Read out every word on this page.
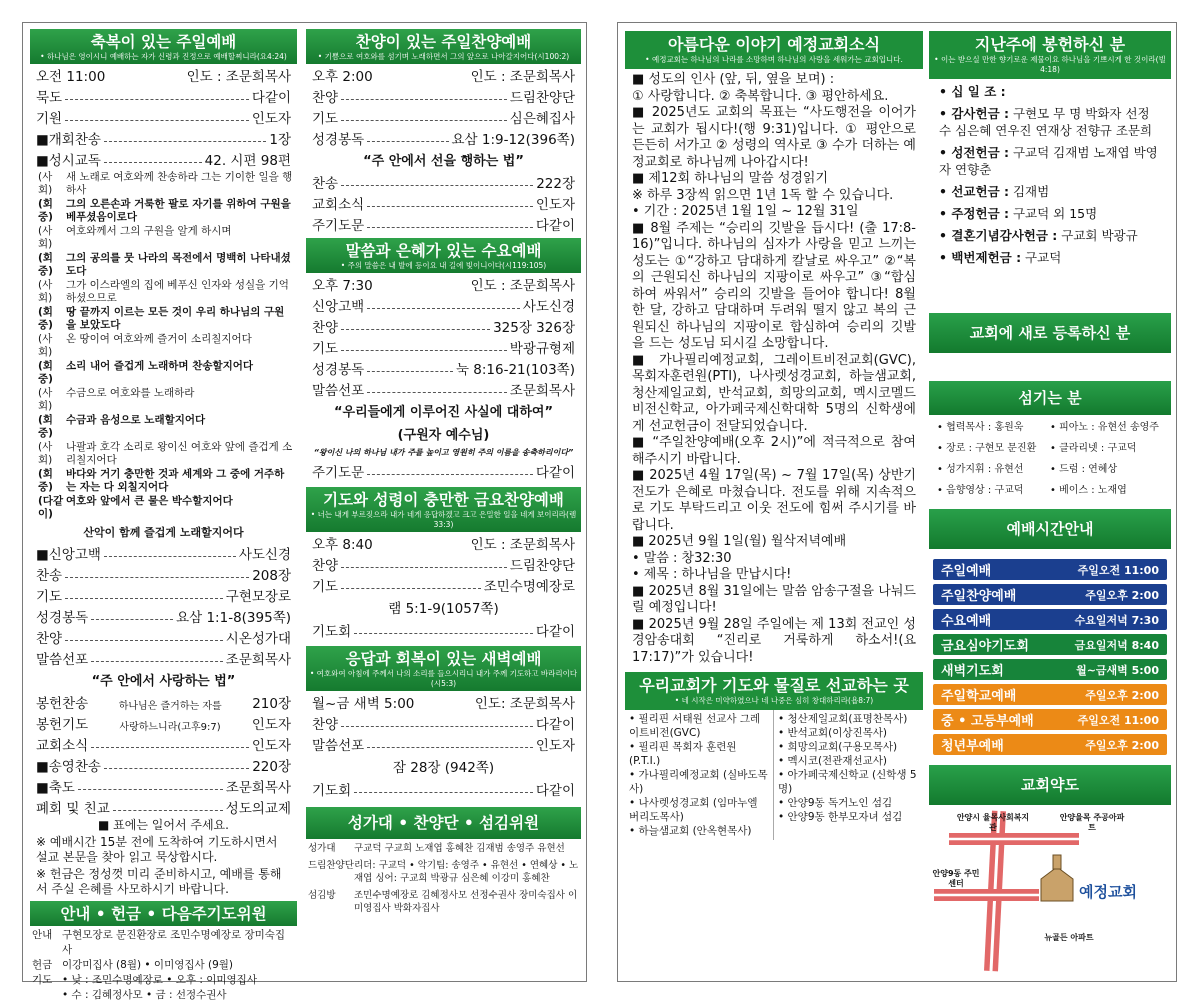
축복이 있는 주일예배
• 하나님은 영이시니 예배하는 자가 신령과 진정으로 예배할찌니라(요4:24)
오전 11:00	인도 : 조문희목사
묵도	다같이
기원	인도자
■개회찬송	1장
■성시교독	42. 시편 98편
(사회)
새 노래로 여호와께 찬송하라 그는 기이한 일을 행하사
(회중)
그의 오른손과 거룩한 팔로 자기를 위하여 구원을 베푸셨음이로다
(사회)
여호와께서 그의 구원을 알게 하시며
(회중)
그의 공의를 뭇 나라의 목전에서 명백히 나타내셨도다
(사회)
그가 이스라엘의 집에 베푸신 인자와 성실을 기억하셨으므로
(회중)
땅 끝까지 이르는 모든 것이 우리 하나님의 구원을 보았도다
(사회)
온 땅이여 여호와께 즐거이 소리칠지어다
(회중)
소리 내어 즐겁게 노래하며 찬송할지어다
(사회)
수금으로 여호와를 노래하라
(회중)
수금과 음성으로 노래할지어다
(사회)
나팔과 호각 소리로 왕이신 여호와 앞에 즐겁게 소리칠지어다
(회중)
바다와 거기 충만한 것과 세계와 그 중에 거주하는 자는 다 외칠지어다
(다같이)
여호와 앞에서 큰 물은 박수할지어다
산악이 함께 즐겁게 노래할지어다
■신앙고백	사도신경
찬송	208장
기도	구현모장로
성경봉독	요삼 1:1-8(395쪽)
찬양	시온성가대
말씀선포	조문희목사
“주 안에서 사랑하는 법”
봉헌찬송	하나님은 즐거하는 자를	210장
봉헌기도	사랑하느니라(고후9:7)	인도자
교회소식	인도자
■송영찬송	220장
■축도	조문희목사
폐회 및 친교	성도의교제
■ 표에는 일어서 주세요.
※ 예배시간 15분 전에 도착하여 기도하시면서 설교 본문을 찾아 읽고 묵상합시다.
※ 헌금은 정성껏 미리 준비하시고, 예배를 통해서 주실 은혜를 사모하시기 바랍니다.
안내 • 헌금 • 다음주기도위원
안내 구현모장로 문진환장로 조민수명예장로 장미숙집사
헌금 이강미집사 (8월) • 이미영집사 (9월)
기도 • 낮 : 조민수명예장로 • 오후 : 이미영집사
• 수 : 김혜정사모 • 금 : 선정수권사
찬양이 있는 주일찬양예배
• 기쁨으로 여호와를 섬기며 노래하면서 그의 앞으로 나아갈지어다(시100:2)
오후 2:00	인도 : 조문희목사
찬양	드림찬양단
기도	심은혜집사
성경봉독	요삼 1:9-12(396쪽)
“주 안에서 선을 행하는 법”
찬송	222장
교회소식	인도자
주기도문	다같이
말씀과 은혜가 있는 수요예배
• 주의 말씀은 내 발에 등이요 내 길에 빛이니이다(시119:105)
오후 7:30	인도 : 조문희목사
신앙고백	사도신경
찬양	325장 326장
기도	박광규형제
성경봉독	눅 8:16-21(103쪽)
말씀선포	조문희목사
“우리들에게 이루어진 사실에 대하여”
(구원자 예수님)
“왕이신 나의 하나님 내가 주를 높이고 영원히 주의 이름을 송축하리이다”
주기도문	다같이
기도와 성령이 충만한 금요찬양예배
• 너는 내게 부르짖으라 내가 네게 응답하겠고 크고 은밀한 일을 네게 보이리라(렘33:3)
오후 8:40	인도 : 조문희목사
찬양	드림찬양단
기도	조민수명예장로
램 5:1-9(1057쪽)
기도회	다같이
응답과 회복이 있는 새벽예배
• 여호와여 아침에 주께서 나의 소리를 들으시리니 내가 주께 기도하고 바라리이다(시5:3)
월~금 새벽 5:00	인도: 조문희목사
찬양	다같이
말씀선포	인도자
잠 28장 (942쪽)
기도회	다같이
성가대 • 찬양단 • 섬김위원
성가대	구교덕 구교희 노재엽 홍혜찬 김재범 송영주 유현선
드림찬양단 리더: 구교덕 • 악기팀: 송영주 • 유현선 • 연혜상 • 노재엽 싱어: 구교희 박광규 심은혜 이강미 홍혜찬
섬김방	조민수명예장로 김혜정사모 선정수권사 장미숙집사 이미영집사 박화자집사
아름다운 이야기 예정교회소식
• 예정교회는 하나님의 나라를 소망하며 하나님의 사랑을 세워가는 교회입니다.

■ 성도의 인사 (앞, 뒤, 옆을 보며) :

① 사랑합니다. ② 축복합니다. ③ 평안하세요.

■ 2025년도 교회의 목표는 “사도행전을 이어가는 교회가 됩시다!(행 9:31)입니다. ① 평안으로 든든히 서가고 ② 성령의 역사로 ③ 수가 더하는 예정교회로 하나님께 나아갑시다!

■ 제12회 하나님의 말씀 성경읽기

※ 하루 3장씩 읽으면 1년 1독 할 수 있습니다.

• 기간 : 2025년 1월 1일 ~ 12월 31일

■ 8월 주제는 “승리의 깃발을 듭시다! (출 17:8-16)”입니다. 하나님의 심자가 사랑을 믿고 느끼는 성도는 ①“강하고 담대하게 칼날로 싸우고” ②“복의 근원되신 하나님의 지팡이로 싸우고” ③“합심하여 싸워서” 승리의 깃발을 들어야 합니다! 8월 한 달, 강하고 담대하며 두려워 떨지 않고 복의 근원되신 하나님의 지팡이로 합심하여 승리의 깃발을 드는 성도님 되시길 소망합니다.

■ 가나필리예정교회, 그레이트비전교회(GVC), 목회자훈련원(PTI), 나사렛성경교회, 하늘샘교회, 청산제일교회, 반석교회, 희망의교회, 멕시코멜드비전신학교, 아가페국제신학대학 5명의 신학생에게 선교헌금이 전달되었습니다.

■ “주일찬양예배(오후 2시)”에 적극적으로 참여해주시기 바랍니다.

■ 2025년 4월 17일(목) ~ 7월 17일(목) 상반기 전도가 은혜로 마쳤습니다. 전도를 위해 지속적으로 기도 부탁드리고 이웃 전도에 힘써 주시기를 바랍니다.

■ 2025년 9월 1일(월) 월삭저녁예배

• 말씀 : 창32:30

• 제목 : 하나님을 만납시다!

■ 2025년 8월 31일에는 말씀 암송구절을 나눠드릴 예정입니다!

■ 2025년 9월 28일 주일에는 제 13회 전교인 성경암송대회 “진리로 거룩하게 하소서!(요17:17)”가 있습니다!

우리교회가 기도와 물질로 선교하는 곳
• 네 시작은 미약하였으나 네 나중은 심히 창대하리라(욥8:7)
• 필리핀 서태원 선교사 그레이트비전(GVC)
• 필리핀 목회자 훈련원 (P.T.I.)
• 가나필리예정교회 (실바도목사)
• 나사렛성경교회 (임마누엘 버리도목사)
• 하늘샘교회 (안옥현목사)
• 청산제일교회(표명찬목사)
• 반석교회(이상진목사)
• 희망의교회(구용모목사)
• 멕시코(전관재선교사)
• 아가페국제신학교 (신학생 5명)
• 안양9동 독거노인 섬김
• 안양9동 한부모자녀 섬김
지난주에 봉헌하신 분
• 이는 받으실 만한 향기로운 제물이요 하나님을 기쁘시게 한 것이라(빌4:18)
• 십 일 조 :
• 감사헌금 : 구현모 무 명 박화자 선정수 심은혜 연우진 연재상 전향규 조문희
• 성전헌금 : 구교덕 김재범 노재엽 박영자 연향춘
• 선교헌금 : 김재범
• 주정헌금 : 구교덕 외 15명
• 결혼기념감사헌금 : 구교회 박광규
• 백번제헌금 : 구교덕
교회에 새로 등록하신 분
섬기는 분
• 협력목사 : 홍원욱	• 피아노 : 유현선 송영주
• 장로 : 구현모 문진환	• 클라리넷 : 구교덕
• 성가지휘 : 유현선	• 드럼 : 연혜상
• 음향영상 : 구교덕	• 베이스 : 노재엽
예배시간안내
주일예배	주일오전 11:00
주일찬양예배	주일오후 2:00
수요예배	수요일저녁 7:30
금요심야기도회	금요일저녁 8:40
새벽기도회	월~금새벽 5:00
주일학교예배	주일오후 2:00
중 • 고등부예배	주일오전 11:00
청년부예배	주일오후 2:00
교회약도
안양시 율목사회복지관
안양율목 주공아파트
안양9동 주민센터	예정교회
뉴골든 아파트
